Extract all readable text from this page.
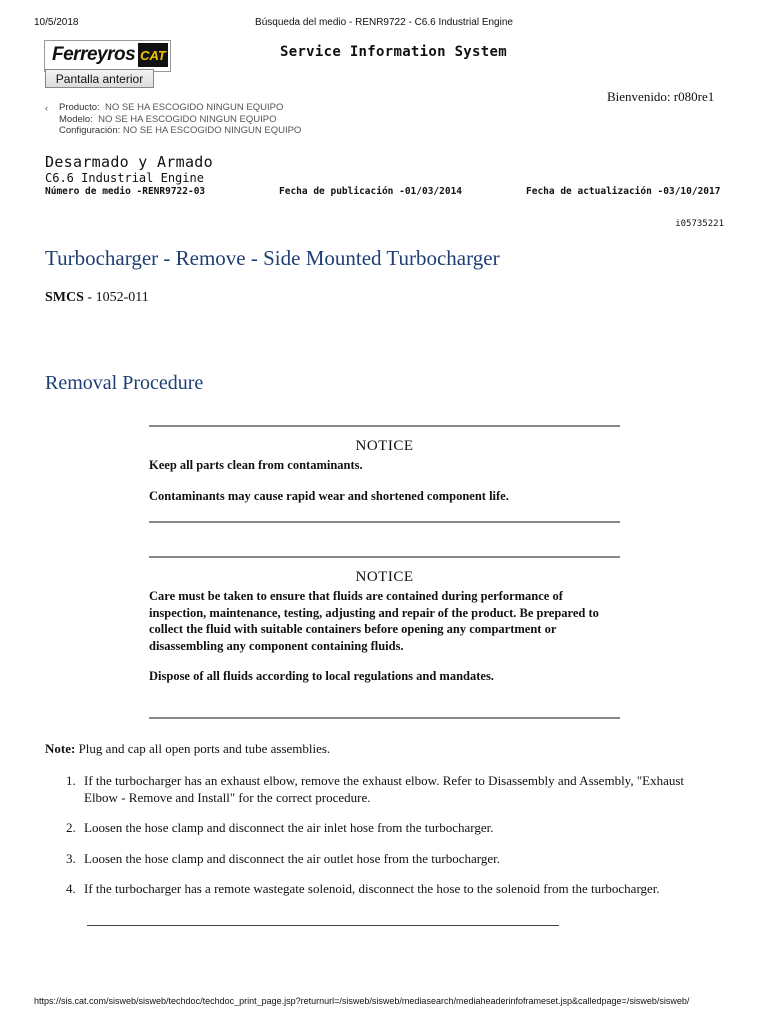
10/5/2018	Búsqueda del medio - RENR9722 - C6.6 Industrial Engine
Ferreyros CAT
Pantalla anterior
Service Information System
Bienvenido: r080re1
‹ Producto: NO SE HA ESCOGIDO NINGUN EQUIPO
Modelo: NO SE HA ESCOGIDO NINGUN EQUIPO
Configuración: NO SE HA ESCOGIDO NINGUN EQUIPO
Desarmado y Armado
C6.6 Industrial Engine
Número de medio -RENR9722-03	Fecha de publicación -01/03/2014	Fecha de actualización -03/10/2017
i05735221
Turbocharger - Remove - Side Mounted Turbocharger
SMCS - 1052-011
Removal Procedure
NOTICE

Keep all parts clean from contaminants.

Contaminants may cause rapid wear and shortened component life.

NOTICE

Care must be taken to ensure that fluids are contained during performance of inspection, maintenance, testing, adjusting and repair of the product. Be prepared to collect the fluid with suitable containers before opening any compartment or disassembling any component containing fluids.

Dispose of all fluids according to local regulations and mandates.

Note: Plug and cap all open ports and tube assemblies.
1. If the turbocharger has an exhaust elbow, remove the exhaust elbow. Refer to Disassembly and Assembly, "Exhaust Elbow - Remove and Install" for the correct procedure.
2. Loosen the hose clamp and disconnect the air inlet hose from the turbocharger.
3. Loosen the hose clamp and disconnect the air outlet hose from the turbocharger.
4. If the turbocharger has a remote wastegate solenoid, disconnect the hose to the solenoid from the turbocharger.
https://sis.cat.com/sisweb/sisweb/techdoc/techdoc_print_page.jsp?returnurl=/sisweb/sisweb/mediasearch/mediaheaderinfoframeset.jsp&calledpage=/sisweb/sisweb/
